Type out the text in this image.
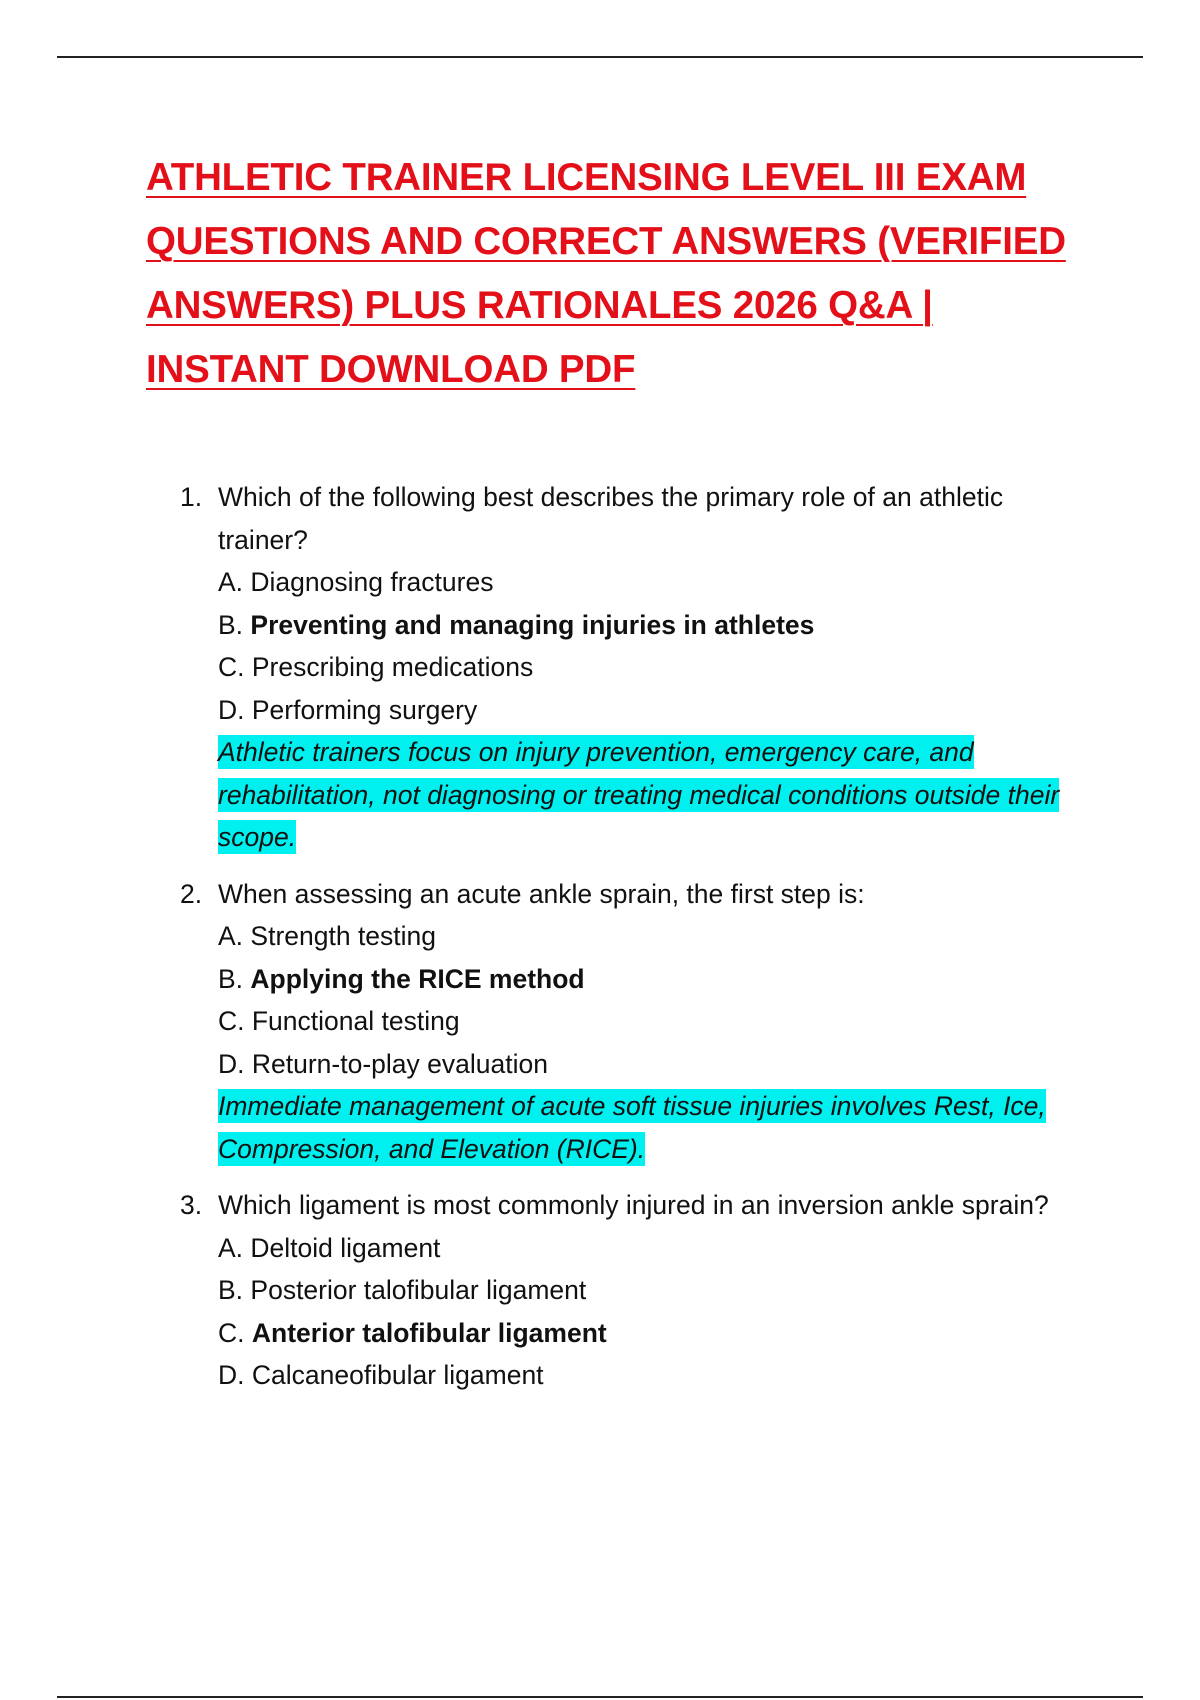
ATHLETIC TRAINER LICENSING LEVEL III EXAM QUESTIONS AND CORRECT ANSWERS (VERIFIED ANSWERS) PLUS RATIONALES 2026 Q&A | INSTANT DOWNLOAD PDF
1. Which of the following best describes the primary role of an athletic trainer?
A. Diagnosing fractures
B. Preventing and managing injuries in athletes
C. Prescribing medications
D. Performing surgery
Athletic trainers focus on injury prevention, emergency care, and rehabilitation, not diagnosing or treating medical conditions outside their scope.
2. When assessing an acute ankle sprain, the first step is:
A. Strength testing
B. Applying the RICE method
C. Functional testing
D. Return-to-play evaluation
Immediate management of acute soft tissue injuries involves Rest, Ice, Compression, and Elevation (RICE).
3. Which ligament is most commonly injured in an inversion ankle sprain?
A. Deltoid ligament
B. Posterior talofibular ligament
C. Anterior talofibular ligament
D. Calcaneofibular ligament
